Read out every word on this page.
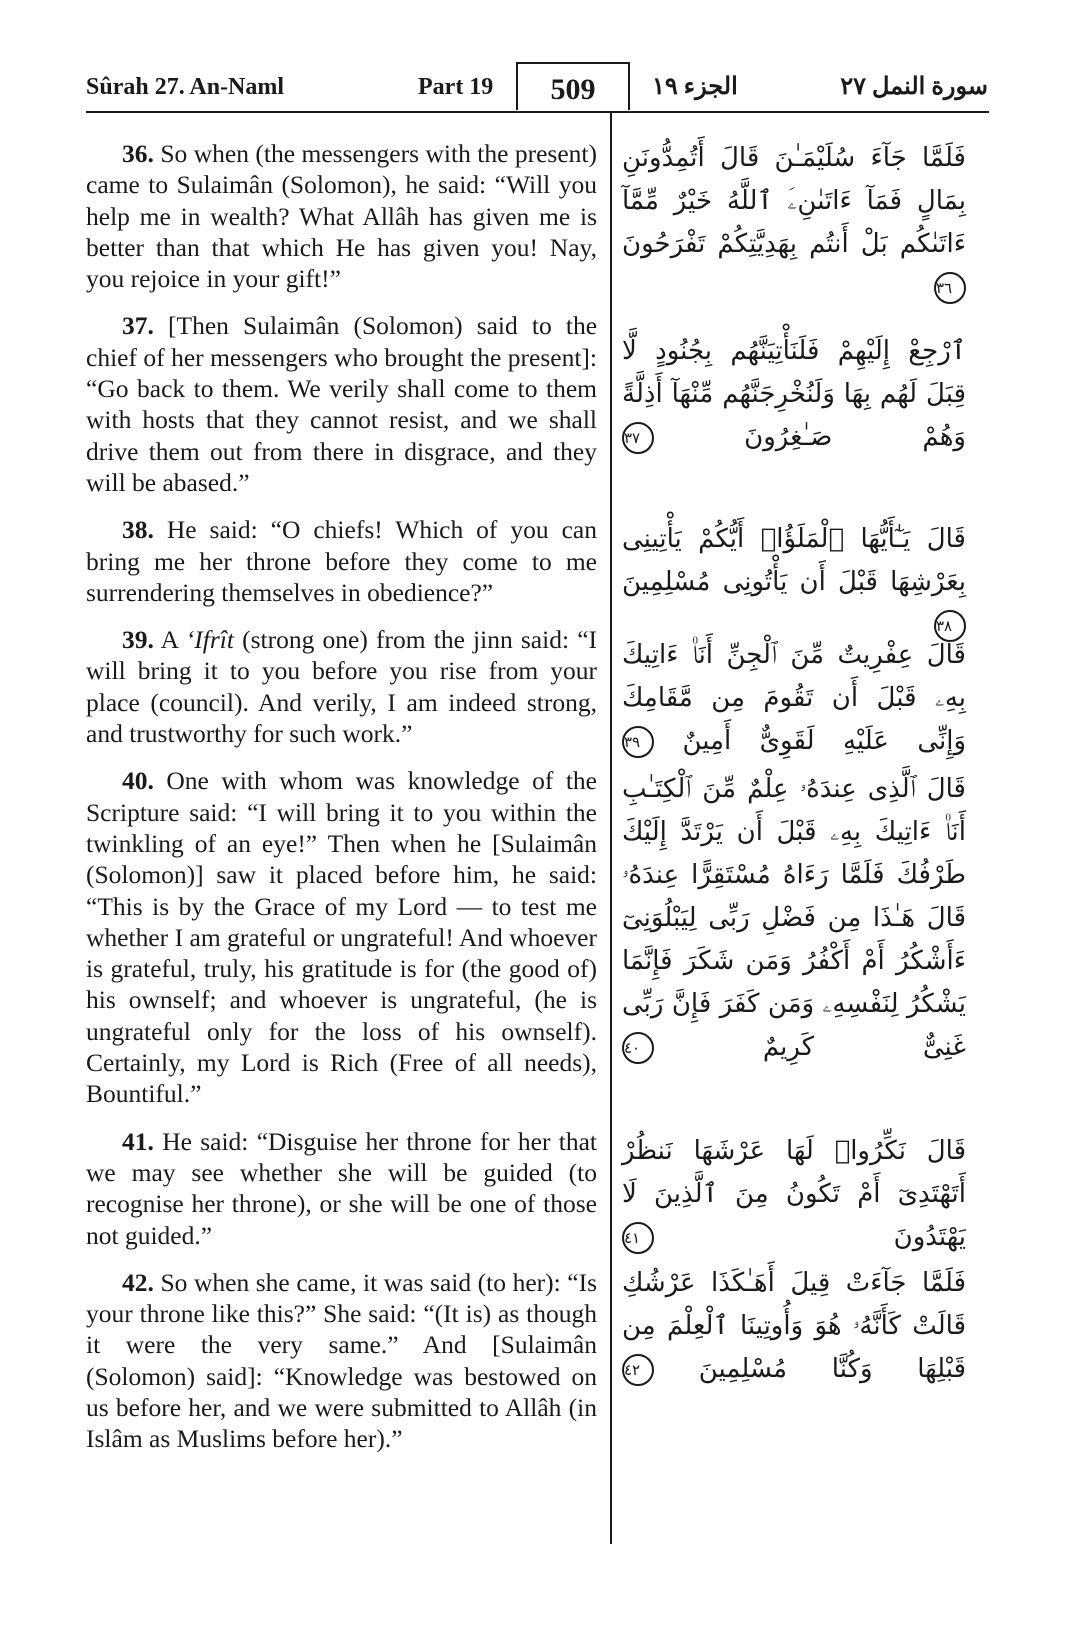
Sûrah 27. An-Naml	Part 19	509	الجزء ١٩	سورة النمل ٢٧

36. So when (the messengers with the present) came to Sulaimân (Solomon), he said: “Will you help me in wealth? What Allâh has given me is better than that which He has given you! Nay, you rejoice in your gift!”

37. [Then Sulaimân (Solomon) said to the chief of her messengers who brought the present]: “Go back to them. We verily shall come to them with hosts that they cannot resist, and we shall drive them out from there in disgrace, and they will be abased.”

38. He said: “O chiefs! Which of you can bring me her throne before they come to me surrendering themselves in obedience?”

39. A ‘Ifrît (strong one) from the jinn said: “I will bring it to you before you rise from your place (council). And verily, I am indeed strong, and trustworthy for such work.”

40. One with whom was knowledge of the Scripture said: “I will bring it to you within the twinkling of an eye!” Then when he [Sulaimân (Solomon)] saw it placed before him, he said: “This is by the Grace of my Lord — to test me whether I am grateful or ungrateful! And whoever is grateful, truly, his gratitude is for (the good of) his ownself; and whoever is ungrateful, (he is ungrateful only for the loss of his ownself). Certainly, my Lord is Rich (Free of all needs), Bountiful.”

41. He said: “Disguise her throne for her that we may see whether she will be guided (to recognise her throne), or she will be one of those not guided.”

42. So when she came, it was said (to her): “Is your throne like this?” She said: “(It is) as though it were the very same.” And [Sulaimân (Solomon) said]: “Knowledge was bestowed on us before her, and we were submitted to Allâh (in Islâm as Muslims before her).”

فَلَمَّا جَآءَ سُلَيْمَـٰنَ قَالَ أَتُمِدُّونَنِ بِمَالٍ فَمَآ ءَاتَىٰنِۦَ ٱللَّهُ خَيْرٌ مِّمَّآ ءَاتَىٰكُم بَلْ أَنتُم بِهَدِيَّتِكُمْ تَفْرَحُونَ ٣٦

ٱرْجِعْ إِلَيْهِمْ فَلَنَأْتِيَنَّهُم بِجُنُودٍ لَّا قِبَلَ لَهُم بِهَا وَلَنُخْرِجَنَّهُم مِّنْهَآ أَذِلَّةً وَهُمْ صَـٰغِرُونَ ٣٧

قَالَ يَـٰٓأَيُّهَا ٱلْمَلَؤُا۟ أَيُّكُمْ يَأْتِينِى بِعَرْشِهَا قَبْلَ أَن يَأْتُونِى مُسْلِمِينَ ٣٨

قَالَ عِفْرِيتٌ مِّنَ ٱلْجِنِّ أَنَا۠ ءَاتِيكَ بِهِۦ قَبْلَ أَن تَقُومَ مِن مَّقَامِكَ وَإِنِّى عَلَيْهِ لَقَوِىٌّ أَمِينٌ ٣٩

قَالَ ٱلَّذِى عِندَهُۥ عِلْمٌ مِّنَ ٱلْكِتَـٰبِ أَنَا۠ ءَاتِيكَ بِهِۦ قَبْلَ أَن يَرْتَدَّ إِلَيْكَ طَرْفُكَ فَلَمَّا رَءَاهُ مُسْتَقِرًّا عِندَهُۥ قَالَ هَـٰذَا مِن فَضْلِ رَبِّى لِيَبْلُوَنِىٓ ءَأَشْكُرُ أَمْ أَكْفُرُ وَمَن شَكَرَ فَإِنَّمَا يَشْكُرُ لِنَفْسِهِۦ وَمَن كَفَرَ فَإِنَّ رَبِّى غَنِىٌّ كَرِيمٌ ٤٠

قَالَ نَكِّرُوا۟ لَهَا عَرْشَهَا نَنظُرْ أَتَهْتَدِىٓ أَمْ تَكُونُ مِنَ ٱلَّذِينَ لَا يَهْتَدُونَ ٤١

فَلَمَّا جَآءَتْ قِيلَ أَهَـٰكَذَا عَرْشُكِ قَالَتْ كَأَنَّهُۥ هُوَ وَأُوتِينَا ٱلْعِلْمَ مِن قَبْلِهَا وَكُنَّا مُسْلِمِينَ ٤٢
